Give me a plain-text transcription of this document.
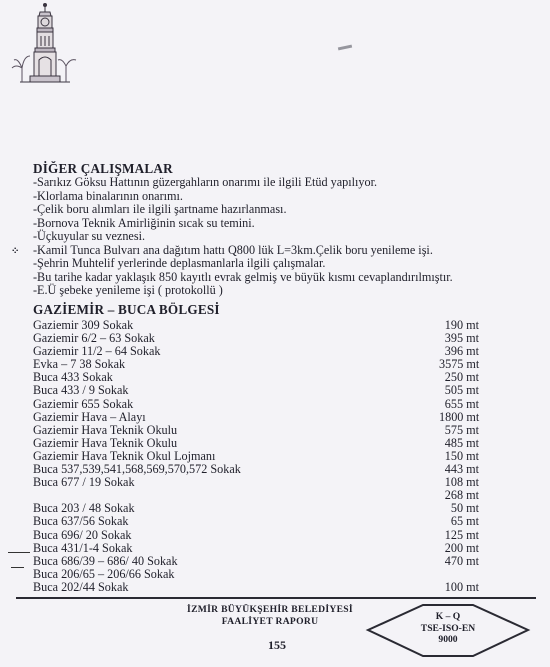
DİĞER ÇALIŞMALAR
-Sarıkız Göksu Hattının güzergahların onarımı ile ilgili Etüd yapılıyor.
-Klorlama binalarının onarımı.
-Çelik boru alımları ile ilgili şartname hazırlanması.
-Bornova Teknik Amirliğinin sıcak su temini.
-Üçkuyular su veznesi.
-Kamil Tunca Bulvarı ana dağıtım hattı Q800 lük L=3km.Çelik boru yenileme işi.
-Şehrin Muhtelif yerlerinde deplasmanlarla ilgili çalışmalar.
-Bu tarihe kadar yaklaşık 850 kayıtlı evrak gelmiş ve büyük kısmı cevaplandırılmıştır.
-E.Ü şebeke yenileme işi ( protokollü )
⁘
GAZİEMİR – BUCA BÖLGESİ
Gaziemir 309 Sokak	190 mt
Gaziemir 6/2 – 63 Sokak	395 mt
Gaziemir 11/2 – 64 Sokak	396 mt
Evka – 7 38 Sokak	3575 mt
Buca 433 Sokak	250 mt
Buca 433 / 9 Sokak	505 mt
Gaziemir 655 Sokak	655 mt
Gaziemir Hava – Alayı	1800 mt
Gaziemir Hava Teknik Okulu	575 mt
Gaziemir Hava Teknik Okulu	485 mt
Gaziemir Hava Teknik Okul Lojmanı	150 mt
Buca 537,539,541,568,569,570,572 Sokak	443 mt
Buca 677 / 19 Sokak	108 mt
268 mt
Buca 203 / 48 Sokak	50 mt
Buca 637/56 Sokak	65 mt
Buca 696/ 20 Sokak	125 mt
Buca 431/1-4 Sokak	200 mt
Buca 686/39 – 686/ 40 Sokak	470 mt
Buca 206/65 – 206/66 Sokak
Buca 202/44 Sokak	100 mt
İZMİR BÜYÜKŞEHİR BELEDİYESİ
FAALİYET RAPORU
155
K – Q
TSE-ISO-EN
9000
